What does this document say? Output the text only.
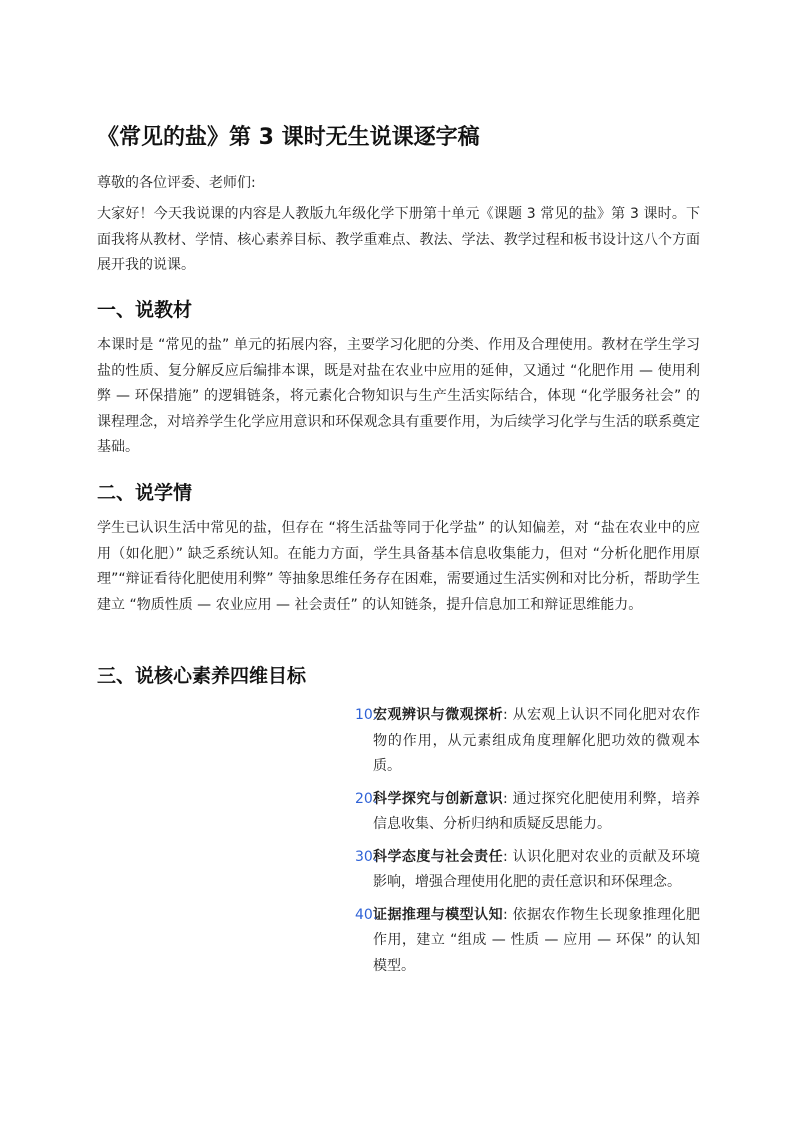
《常见的盐》第 3 课时无生说课逐字稿

尊敬的各位评委、老师们:

大家好！今天我说课的内容是人教版九年级化学下册第十单元《课题 3 常见的盐》第 3 课时。下面我将从教材、学情、核心素养目标、教学重难点、教法、学法、教学过程和板书设计这八个方面展开我的说课。

一、说教材

本课时是 “常见的盐” 单元的拓展内容，主要学习化肥的分类、作用及合理使用。教材在学生学习盐的性质、复分解反应后编排本课，既是对盐在农业中应用的延伸，又通过 “化肥作用 — 使用利弊 — 环保措施” 的逻辑链条，将元素化合物知识与生产生活实际结合，体现 “化学服务社会” 的课程理念，对培养学生化学应用意识和环保观念具有重要作用，为后续学习化学与生活的联系奠定基础。

二、说学情

学生已认识生活中常见的盐，但存在 “将生活盐等同于化学盐” 的认知偏差，对 “盐在农业中的应用（如化肥）” 缺乏系统认知。在能力方面，学生具备基本信息收集能力，但对 “分析化肥作用原理”“辩证看待化肥使用利弊” 等抽象思维任务存在困难，需要通过生活实例和对比分析，帮助学生建立 “物质性质 — 农业应用 — 社会责任” 的认知链条，提升信息加工和辩证思维能力。

三、说核心素养四维目标
10.
宏观辨识与微观探析: 从宏观上认识不同化肥对农作物的作用，从元素组成角度理解化肥功效的微观本质。
20.
科学探究与创新意识: 通过探究化肥使用利弊，培养信息收集、分析归纳和质疑反思能力。
30.
科学态度与社会责任: 认识化肥对农业的贡献及环境影响，增强合理使用化肥的责任意识和环保理念。
40.
证据推理与模型认知: 依据农作物生长现象推理化肥作用，建立 “组成 — 性质 — 应用 — 环保” 的认知模型。
